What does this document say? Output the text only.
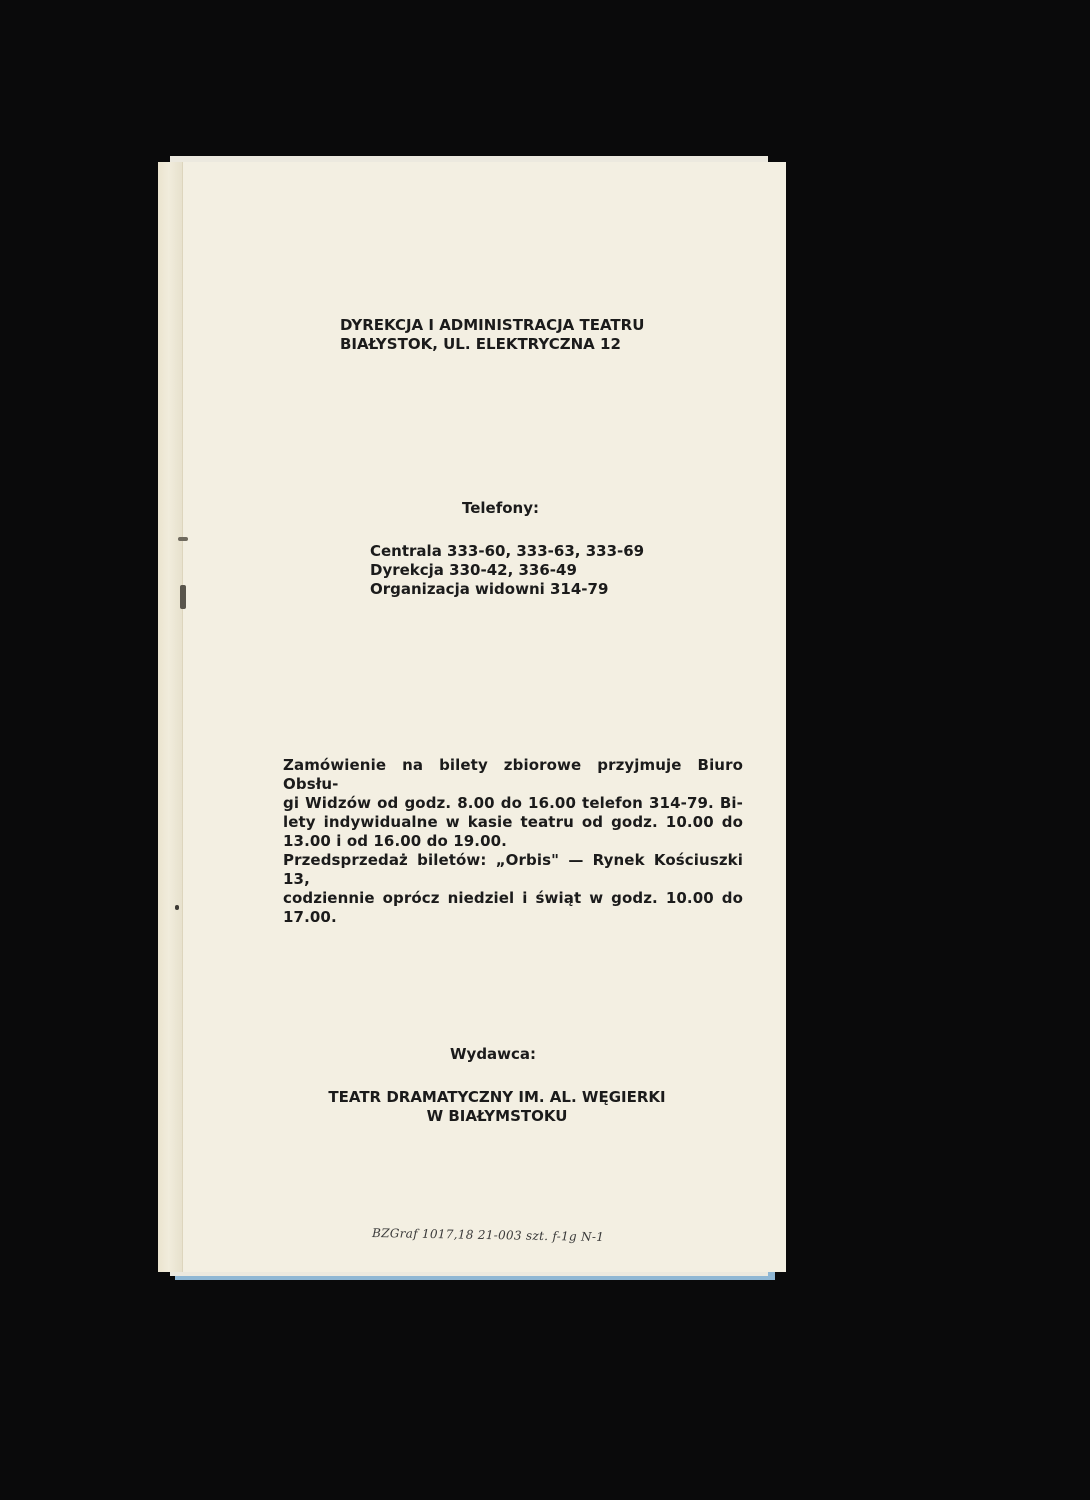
DYREKCJA I ADMINISTRACJA TEATRU
BIAŁYSTOK, UL. ELEKTRYCZNA 12
Telefony:
Centrala 333-60, 333-63, 333-69
Dyrekcja 330-42, 336-49
Organizacja widowni 314-79
Zamówienie na bilety zbiorowe przyjmuje Biuro Obsłu-
gi Widzów od godz. 8.00 do 16.00 telefon 314-79. Bi-
lety indywidualne w kasie teatru od godz. 10.00 do
13.00 i od 16.00 do 19.00.
Przedsprzedaż biletów: „Orbis" — Rynek Kościuszki 13,
codziennie oprócz niedziel i świąt w godz. 10.00 do
17.00.
Wydawca:
TEATR DRAMATYCZNY IM. AL. WĘGIERKI
W BIAŁYMSTOKU
BZGraf 1017,18 21-003 szt. f-1g N-1
